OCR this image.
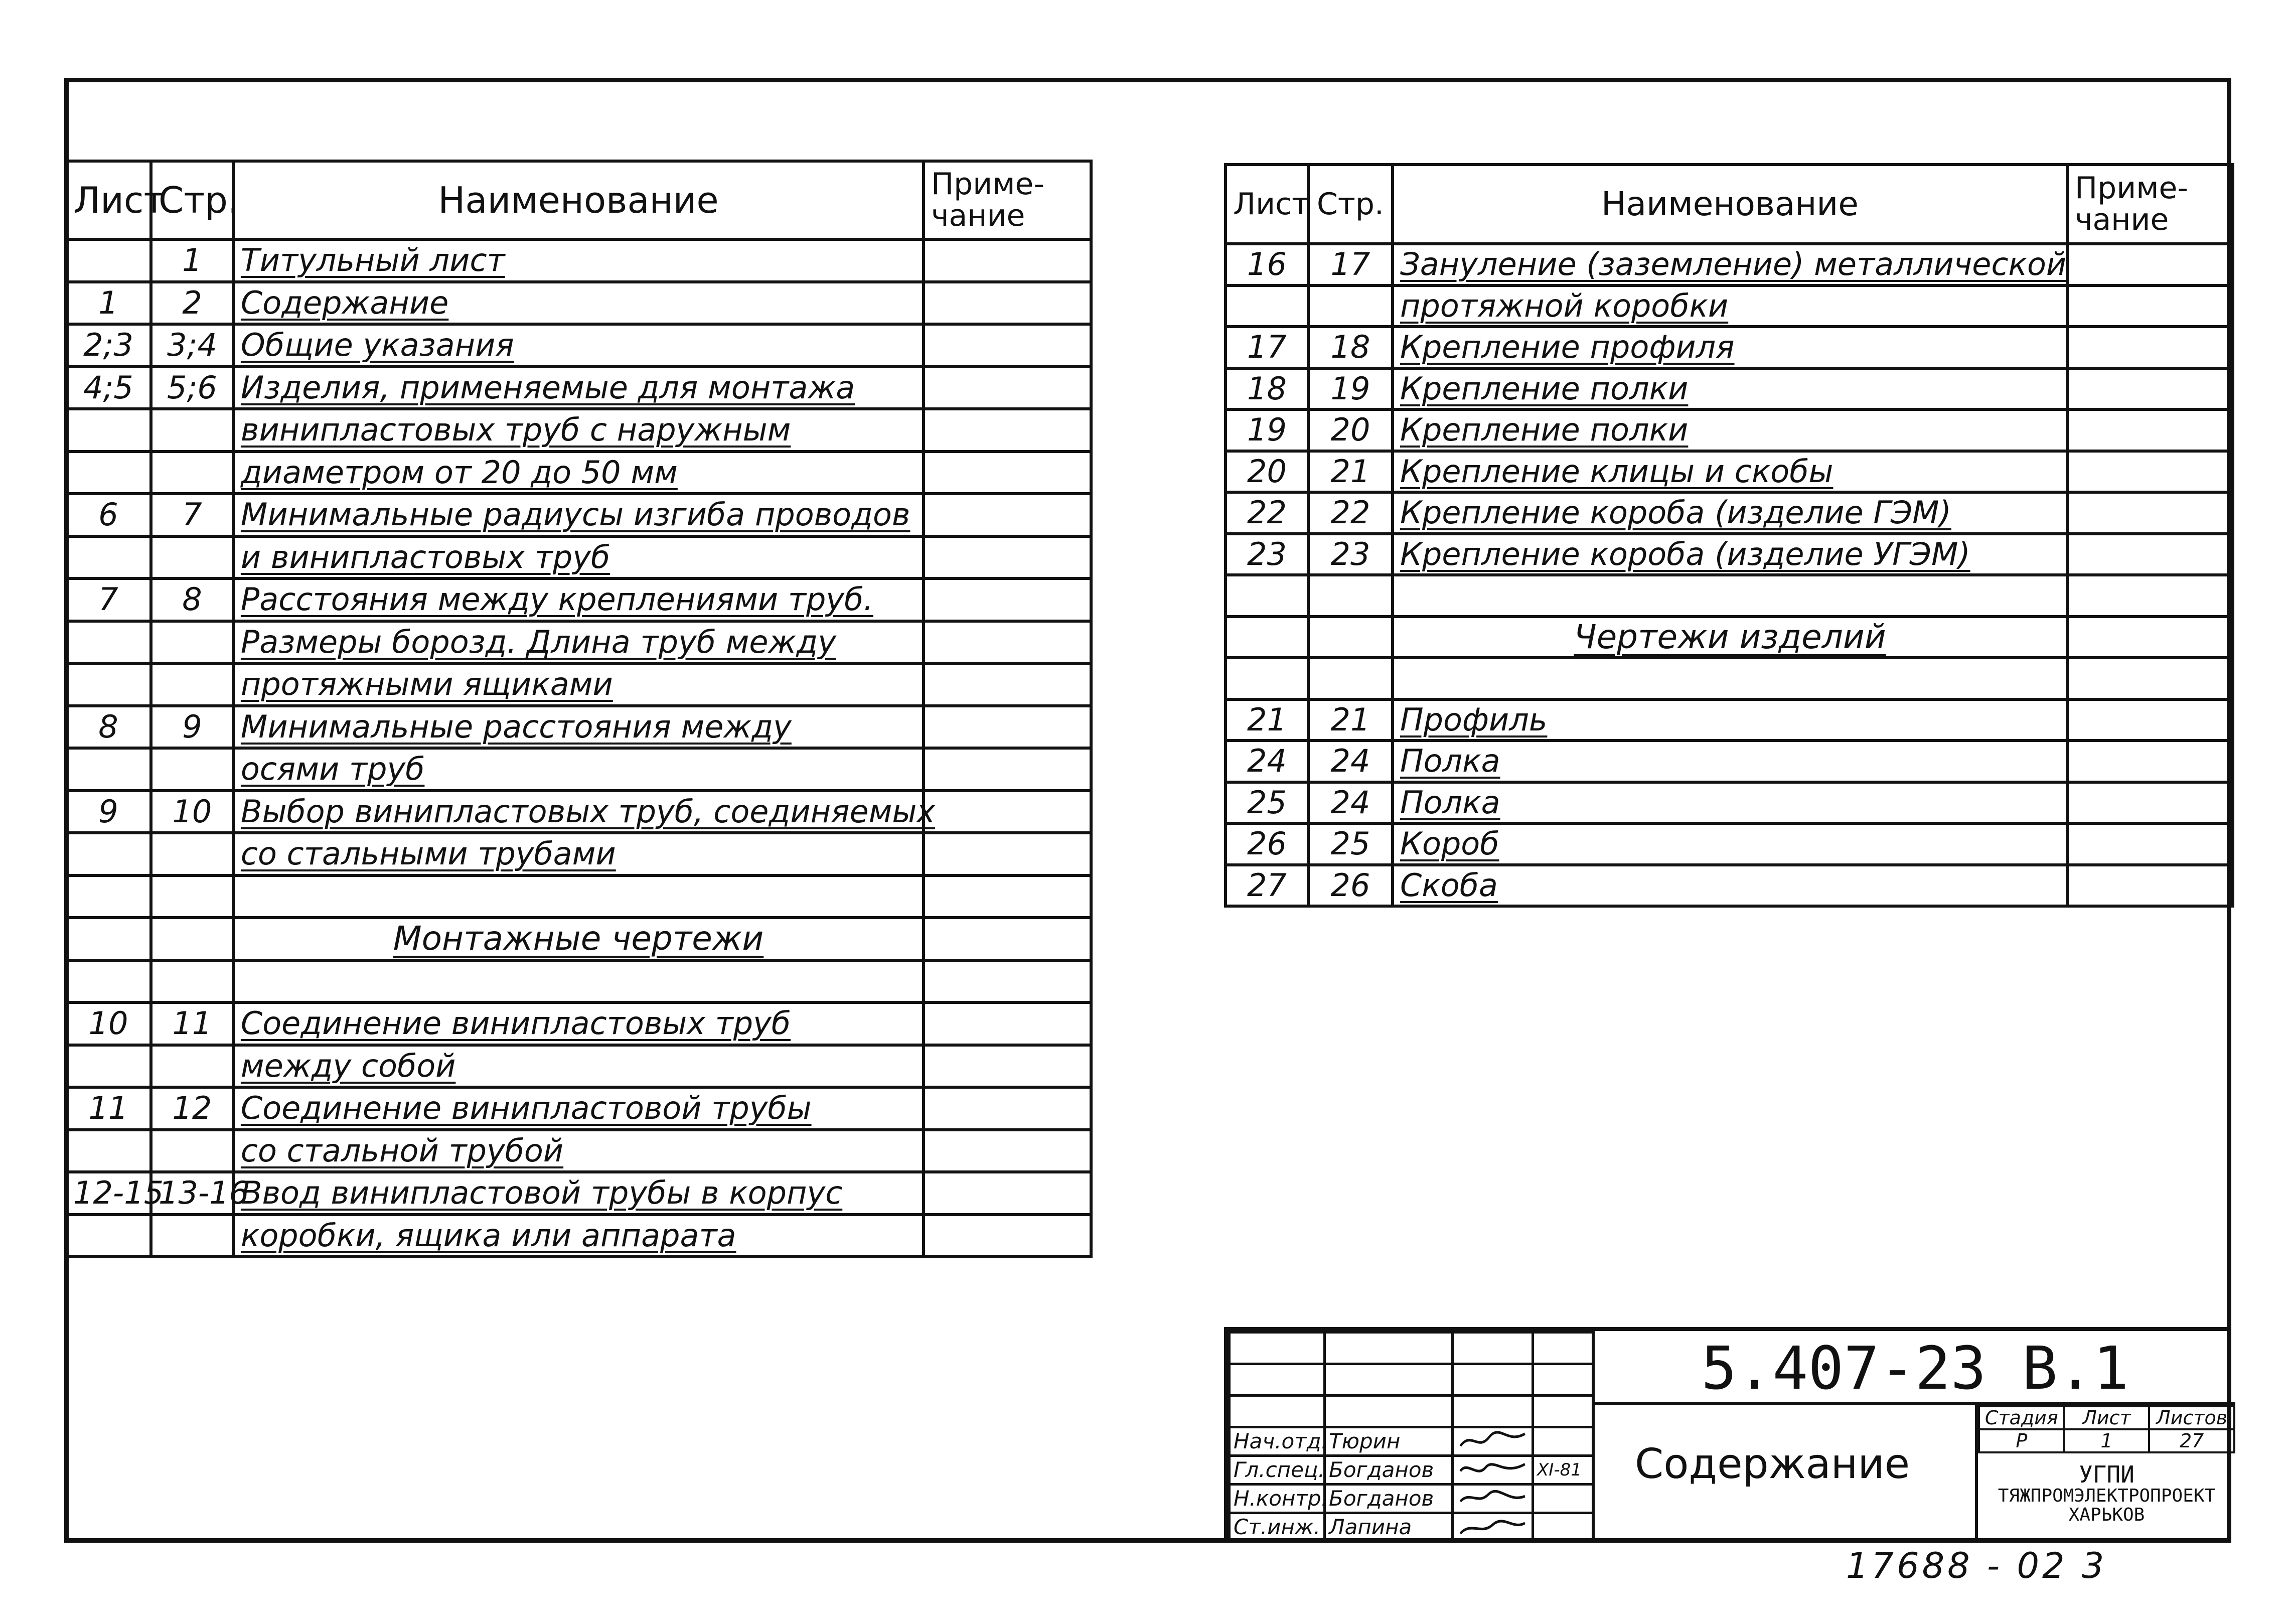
Лист	Стр.	Наименование	Приме-
чание
	1	Титульный лист	
1	2	Содержание	
2;3	3;4	Общие указания	
4;5	5;6	Изделия, применяемые для монтажа	
		винипластовых труб с наружным	
		диаметром от 20 до 50 мм	
6	7	Минимальные радиусы изгиба проводов	
		и винипластовых труб	
7	8	Расстояния между креплениями труб.	
		Размеры борозд. Длина труб между	
		протяжными ящиками	
8	9	Минимальные расстояния между	
		осями труб	
9	10	Выбор винипластовых труб, соединяемых	
		со стальными трубами	

		Монтажные чертежи	

10	11	Соединение винипластовых труб	
		между собой	
11	12	Соединение винипластовой трубы	
		со стальной трубой	
12-15	13-16	Ввод винипластовой трубы в корпус	
		коробки, ящика или аппарата	
Лист	Стр.	Наименование	Приме-
чание
16	17	Зануление (заземление) металлической	
		протяжной коробки	
17	18	Крепление профиля	
18	19	Крепление полки	
19	20	Крепление полки	
20	21	Крепление клицы и скобы	
22	22	Крепление короба (изделие ГЭМ)	
23	23	Крепление короба (изделие УГЭМ)	

		Чертежи изделий	

21	21	Профиль	
24	24	Полка	
25	24	Полка	
26	25	Короб	
27	26	Скоба	

Нач.отд.	Тюрин		
Гл.спец.	Богданов		XI-81
Н.контр.	Богданов		
Ст.инж.	Лапина		
5.407-23 В.1
Содержание
Стадия	Лист	Листов
Р	1	27
УГПИ
ТЯЖПРОМЭЛЕКТРОПРОЕКТ
ХАРЬКОВ
17688 - 02 3
